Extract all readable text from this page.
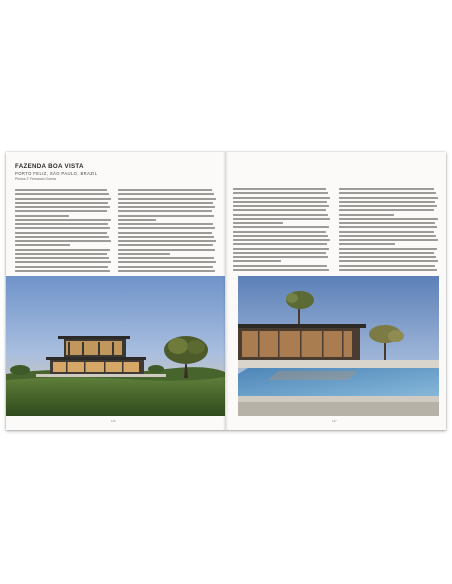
FAZENDA BOA VISTA
PORTO FELIZ, SÃO PAULO, BRAZIL
Photos © Fernando Guerra
146	147
